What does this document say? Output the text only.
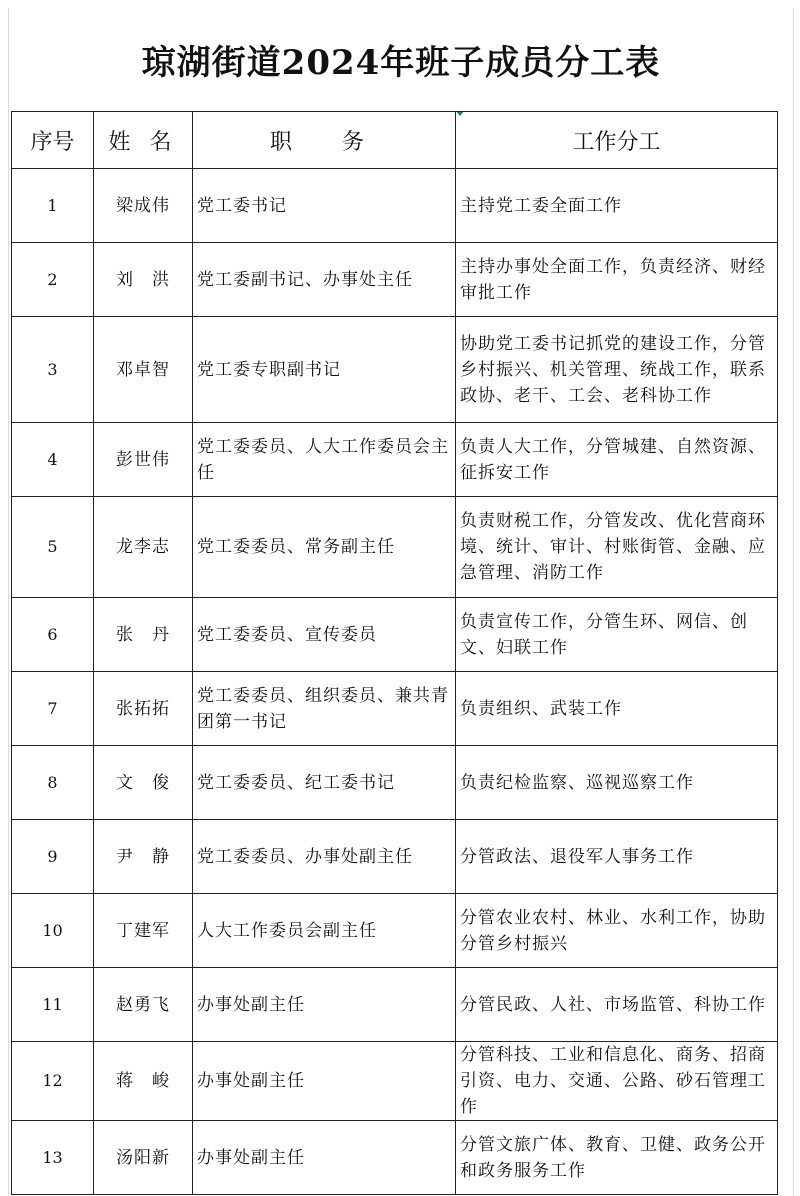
琼湖街道2024年班子成员分工表
序号	姓 名	职　务	工作分工
1	梁成伟	党工委书记	主持党工委全面工作
2	刘　洪	党工委副书记、办事处主任	主持办事处全面工作，负责经济、财经审批工作
3	邓卓智	党工委专职副书记	协助党工委书记抓党的建设工作，分管乡村振兴、机关管理、统战工作，联系政协、老干、工会、老科协工作
4	彭世伟	党工委委员、人大工作委员会主任	负责人大工作，分管城建、自然资源、征拆安工作
5	龙李志	党工委委员、常务副主任	负责财税工作，分管发改、优化营商环境、统计、审计、村账街管、金融、应急管理、消防工作
6	张　丹	党工委委员、宣传委员	负责宣传工作，分管生环、网信、创文、妇联工作
7	张拓拓	党工委委员、组织委员、兼共青团第一书记	负责组织、武装工作
8	文　俊	党工委委员、纪工委书记	负责纪检监察、巡视巡察工作
9	尹　静	党工委委员、办事处副主任	分管政法、退役军人事务工作
10	丁建军	人大工作委员会副主任	分管农业农村、林业、水利工作，协助分管乡村振兴
11	赵勇飞	办事处副主任	分管民政、人社、市场监管、科协工作
12	蒋　峻	办事处副主任	分管科技、工业和信息化、商务、招商引资、电力、交通、公路、砂石管理工作
13	汤阳新	办事处副主任	分管文旅广体、教育、卫健、政务公开和政务服务工作
